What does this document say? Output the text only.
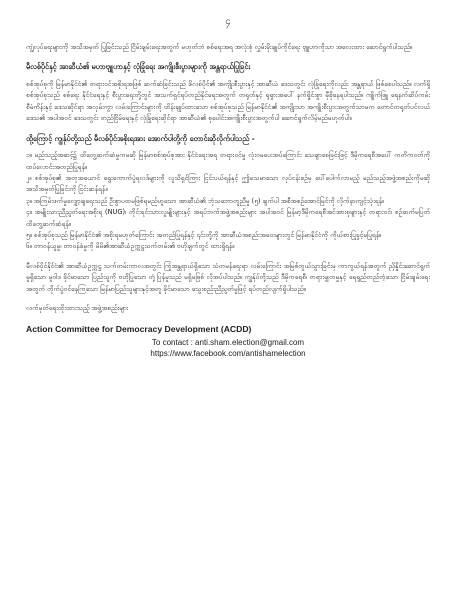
၄

ကျွံလုပ်ရေးများကို အသိအမှတ် ပြုခြင်းသည် ငြိမ်းချမ်းရေးအတွက် မဟုတ်ဘဲ စစ်ရေးအရ အလုံးစုံ လွှမ်းမိုးချုပ်ကိုင်ရေး ဗျူဟာကိုသာ အလေးထား ဆောင်ရွက်ပါသည်။

မီလစ်ပိုင်နှင့် အာဆီယံ၏ မဟာဗျူဟာနှင့် လုံခြုံရေး အကျိုးစီးပွားများကို အန္တရာယ်ပြုခြင်း

စစ်အုပ်စုကို မြန်မာနိုင်ငံ၏ တရားဝင်အစိုးရအဖြစ် ဆက်ဆံခြင်းသည် ဖိလစ်ပိုင်၏ အကျိုးစီးပွားနှင့် အာဆီယံ ဒေသတွင်း လုံခြုံရေးကိုလည်း အန္တရာယ် ဖြစ်စေပါသည်။ လက်ရှိ စစ်အုပ်စုသည် စစ်ရေး နိုင်ငံရေးနှင့် စီးပွားရေးတို့တွင် အသက်ရှင်ရပ်တည်နိုင်ရေးအတွက် တရုတ်နှင့် ရုရှားအပေါ် နက်ရှိုင်းစွာ မှီခိုနေရပါသည်။ ကျိုက်ဖြူ ရေနက်ဆိပ်ကမ်းစီမံကိန်းနှင့် ဒေသဆိုင်ရာ အလှမ်းကွာ လမ်းကြောင်းများကို ထိန်းချုပ်ထားသော စစ်အုပ်စုသည် မြန်မာနိုင်ငံ၏ အကျိုးသာ အကျိုးစီးပွားအတွက်သာမက တောင်တရုတ်ပင်လယ်ဒေသ၏ အပါအဝင် ဒေသတွင်း တည်ငြိမ်ရေးနှင့် လုံခြုံရေးဆိုင်ရာ အာဆီယံ၏ စုပေါင်းအကျိုးစီးပွားအတွက်ပါ ဆောင်ရွက်လိမ့်မည်မဟုတ်ပါ။

ထို့ကြောင့် ကျွန်ုပ်တို့သည် မီလစ်ပိုင်အစိုးရအား အောက်ပါတို့ကို တောင်းဆိုလိုက်ပါသည် -

၁။ မည်သည့်အဆင့်၌ ထိတွေ့ဆက်ဆံမှုကမဆို မြန်မာစစ်အုပ်စုအား နိုင်ငံရေးအရ တရားဝင်မှု လုံးဝမပေးအပ်ကြောင်း သေချာစေခြင်းဖြင့် ဒီမိုကရေစီအပေါ် ကတိကဝတ်ကို ထပ်လောင်းအတည်ပြုရန်။

၂။ စစ်အုပ်စု၏ အတုအယောင် ရွေးကောက်ပွဲရလဒ်များကို လူသိရှင်ကြား ငြင်းပယ်ရန်နှင့် ဤမသမာသော လုပ်ငန်းစဉ်မှ ပေါ်ပေါက်လာမည့် မည်သည့်အဖွဲ့အစည်းကိုမဆို အသိအမှတ်ပြုခြင်းကို ငြင်းဆန်ရန်။

၃။ အကြမ်းဖက်မှုလျှော့ချရေးသည် ဦးစွာပထမဖြစ်ရမည်ဟူသော အာဆီယံ၏ ဘုံသဘောတူညီမှု (၅) ချက်ပါ အစီအစဉ်အောင်မြင်ကို လိုက်နာကျင့်သုံးရန်။

၄။ အမျိုးသားညီညွတ်ရေးအစိုးရ (NUG)၊ တိုင်းရင်းသားလူမျိုးများနှင့် အရပ်ဘက်အဖွဲ့အစည်းများ အပါအဝင် မြန်မာ့ဒီမိုကရေစီအင်အားစုများနှင့် တရားဝင်၊ စဉ်ဆက်မပြတ် ထိတွေ့ဆက်ဆံရန်။

၅။ စစ်အုပ်စုသည် မြန်မာနိုင်ငံ၏ အစိုးရမဟုတ်ကြောင်း အတည်ပြုရန်နှင့် ၎င်းတို့ကို အာဆီယံအစည်းအဝေးများတွင် မြန်မာနိုင်ငံကို ကိုယ်စားပြုခွင့်မပြုရန်။

၆။ တာဝန်ယူမှု၊ တာဝန်ခံမှုကို မိမိ၏အာဆီယံဥက္ကဋ္ဌသက်တမ်း၏ ဗဟိုချက်တွင် ထားရှိရန်။

မီလစ်ပိုင်နိုင်ငံ၏ အာဆီယံဥက္ကဋ္ဌ သက်တမ်းကာလအတွင်း ကြုံအန္တရာယ်ရှိသော သံတမန်ရေးရာ လမ်းကြောင်း အမြစ်တွယ်သွားခြင်းမှ ကာကွယ်ရန်အတွက် ညှိနှိုင်းဆောင်ရွက်မှုရှိသော မူဝါဒ ခိုင်မာသော ပြည်သူကို ဗဟိုပြုသော တုံ့ပြန်မှုသည် မရှိမဖြစ် လိုအပ်ပါသည်။ ကျွန်ုပ်တို့သည် ဒီမိုကရေစီ၊ တရားမျှတမှုနှင့် ရေရှည်တည်တံ့သော ငြိမ်းချမ်းရေးအတွက် တိုက်ပွဲဝင်နေကြသော မြန်မာပြည်သူများနှင့်အတူ ခိုင်မာသော သွေးစည်းညီညွတ်မှုဖြင့် ရပ်တည်လျက်ရှိပါသည်။

လက်မှတ်ရေးထိုးထားသည့် အဖွဲ့အစည်းများ
Action Committee for Democracy Development (ACDD)
To contact : anti.sham.election@gmail.com
https://www.facebook.com/antishamelection
